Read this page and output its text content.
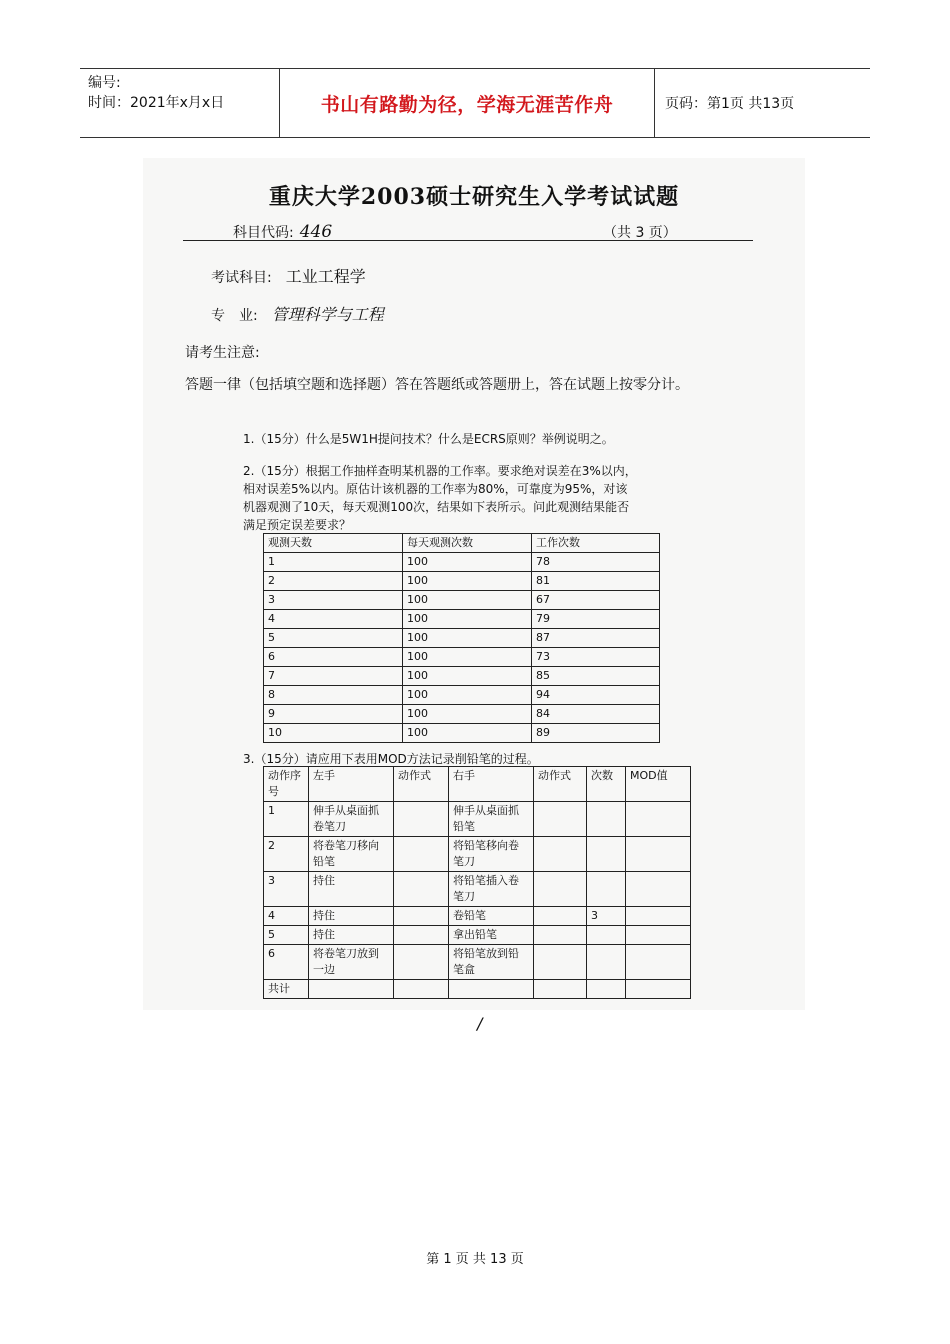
编号:
时间：2021年x月x日	书山有路勤为径，学海无涯苦作舟	页码：第1页 共13页
重庆大学2003硕士研究生入学考试试题
科目代码: 446	（共 3 页）
考试科目: 工业工程学
专　业: 管理科学与工程
请考生注意:
答题一律（包括填空题和选择题）答在答题纸或答题册上，答在试题上按零分计。
1.（15分）什么是5W1H提问技术？什么是ECRS原则？举例说明之。
2.（15分）根据工作抽样查明某机器的工作率。要求绝对误差在3%以内，
相对误差5%以内。原估计该机器的工作率为80%，可靠度为95%，对该
机器观测了10天，每天观测100次，结果如下表所示。问此观测结果能否
满足预定误差要求？
观测天数	每天观测次数	工作次数
1	100	78
2	100	81
3	100	67
4	100	79
5	100	87
6	100	73
7	100	85
8	100	94
9	100	84
10	100	89
3.（15分）请应用下表用MOD方法记录削铅笔的过程。
动作序号	左手	动作式	右手	动作式	次数	MOD值
1	伸手从桌面抓卷笔刀		伸手从桌面抓铅笔			
2	将卷笔刀移向铅笔		将铅笔移向卷笔刀			
3	持住		将铅笔插入卷笔刀			
4	持住		卷铅笔		3	
5	持住		拿出铅笔			
6	将卷笔刀放到一边		将铅笔放到铅笔盒			
共计						
/
第 1 页 共 13 页
